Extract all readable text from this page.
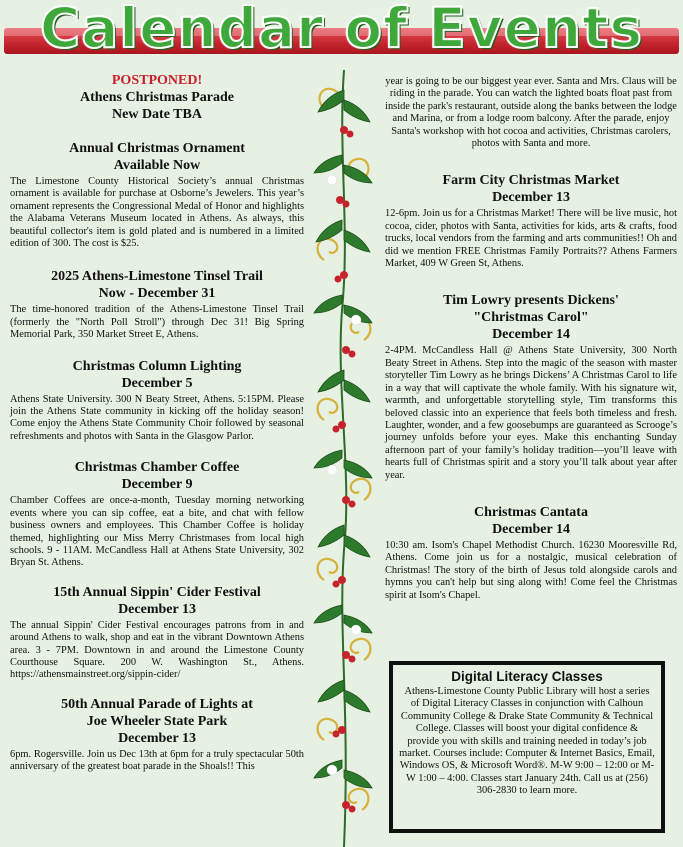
Calendar of Events
POSTPONED!
Athens Christmas Parade
New Date TBA
Annual Christmas Ornament
Available Now
The Limestone County Historical Society’s annual Christmas ornament is available for purchase at Osborne’s Jewelers. This year’s ornament represents the Congressional Medal of Honor and highlights the Alabama Veterans Museum located in Athens. As always, this beautiful collector's item is gold plated and is numbered in a limited edition of 300. The cost is $25.
2025 Athens-Limestone Tinsel Trail
Now - December 31
The time-honored tradition of the Athens-Limestone Tinsel Trail (formerly the "North Poll Stroll") through Dec 31! Big Spring Memorial Park, 350 Market Street E, Athens.
Christmas Column Lighting
December 5
Athens State University. 300 N Beaty Street, Athens. 5:15PM. Please join the Athens State community in kicking off the holiday season! Come enjoy the Athens State Community Choir followed by seasonal refreshments and photos with Santa in the Glasgow Parlor.
Christmas Chamber Coffee
December 9
Chamber Coffees are once-a-month, Tuesday morning networking events where you can sip coffee, eat a bite, and chat with fellow business owners and employees. This Chamber Coffee is holiday themed, highlighting our Miss Merry Christmases from local high schools. 9 - 11AM. McCandless Hall at Athens State University, 302 Bryan St. Athens.
15th Annual Sippin' Cider Festival
December 13
The annual Sippin' Cider Festival encourages patrons from in and around Athens to walk, shop and eat in the vibrant Downtown Athens area. 3 - 7PM. Downtown in and around the Limestone County Courthouse Square. 200 W. Washington St., Athens. https://athensmainstreet.org/sippin-cider/
50th Annual Parade of Lights at
Joe Wheeler State Park
December 13
6pm. Rogersville. Join us Dec 13th at 6pm for a truly spectacular 50th anniversary of the greatest boat parade in the Shoals!! This
year is going to be our biggest year ever. Santa and Mrs. Claus will be riding in the parade. You can watch the lighted boats float past from inside the park's restaurant, outside along the banks between the lodge and Marina, or from a lodge room balcony. After the parade, enjoy Santa's workshop with hot cocoa and activities, Christmas carolers, photos with Santa and more.
Farm City Christmas Market
December 13
12-6pm. Join us for a Christmas Market! There will be live music, hot cocoa, cider, photos with Santa, activities for kids, arts & crafts, food trucks, local vendors from the farming and arts communities!! Oh and did we mention FREE Christmas Family Portraits?? Athens Farmers Market, 409 W Green St, Athens.
Tim Lowry presents Dickens'
"Christmas Carol"
December 14
2-4PM. McCandless Hall @ Athens State University, 300 North Beaty Street in Athens. Step into the magic of the season with master storyteller Tim Lowry as he brings Dickens’ A Christmas Carol to life in a way that will captivate the whole family. With his signature wit, warmth, and unforgettable storytelling style, Tim transforms this beloved classic into an experience that feels both timeless and fresh. Laughter, wonder, and a few goosebumps are guaranteed as Scrooge’s journey unfolds before your eyes. Make this enchanting Sunday afternoon part of your family’s holiday tradition—you’ll leave with hearts full of Christmas spirit and a story you’ll talk about year after year.
Christmas Cantata
December 14
10:30 am. Isom's Chapel Methodist Church. 16230 Mooresville Rd, Athens. Come join us for a nostalgic, musical celebration of Christmas! The story of the birth of Jesus told alongside carols and hymns you can't help but sing along with! Come feel the Christmas spirit at Isom's Chapel.
Digital Literacy Classes
Athens-Limestone County Public Library will host a series of Digital Literacy Classes in conjunction with Calhoun Community College & Drake State Community & Technical College. Classes will boost your digital confidence & provide you with skills and training needed in today’s job market. Courses include: Computer & Internet Basics, Email, Windows OS, & Microsoft Word®. M-W 9:00 – 12:00 or M-W 1:00 – 4:00. Classes start January 24th. Call us at (256) 306-2830 to learn more.
